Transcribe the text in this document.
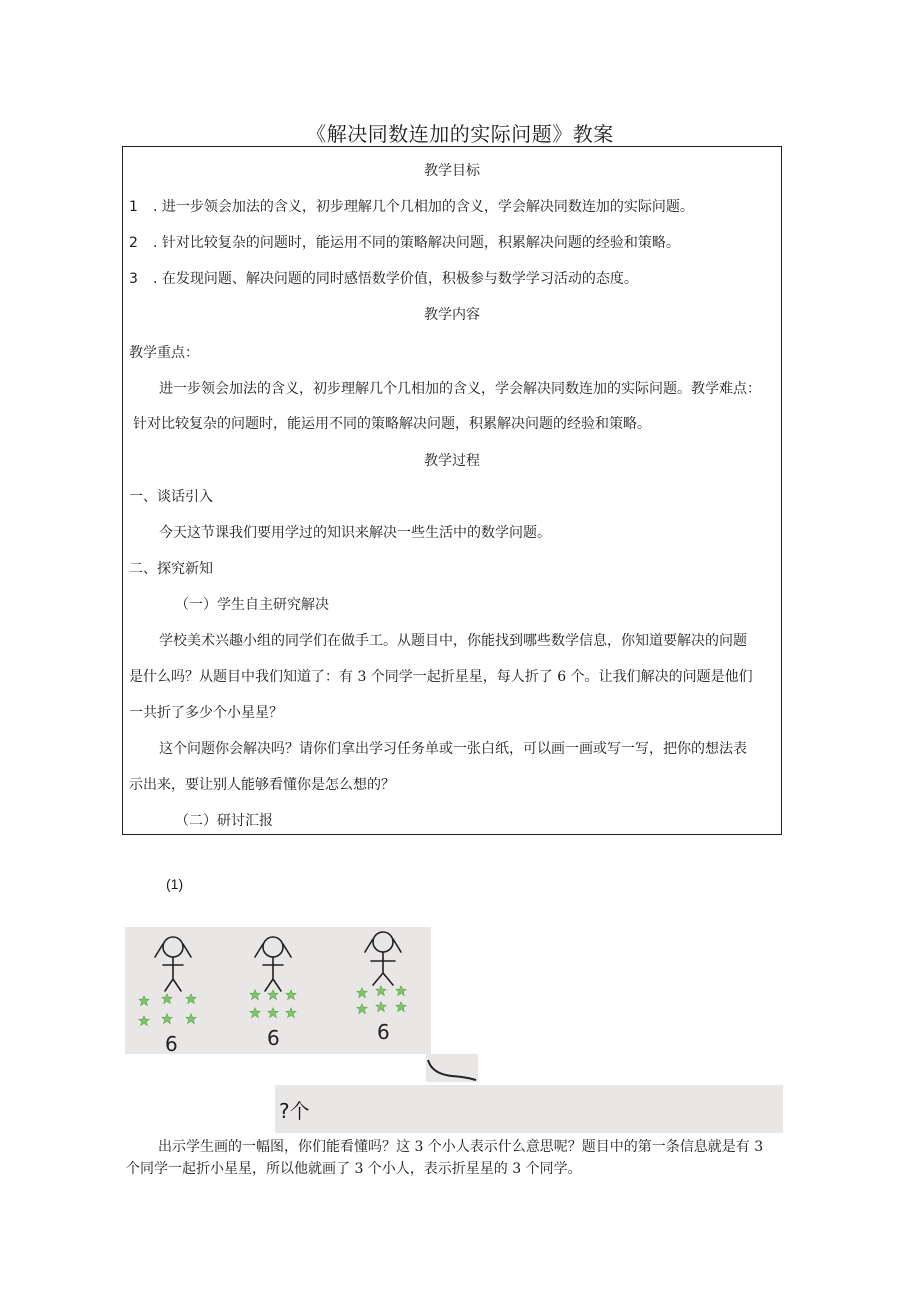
《解决同数连加的实际问题》教案
教学目标
1 . 进一步领会加法的含义，初步理解几个几相加的含义，学会解决同数连加的实际问题。
2 . 针对比较复杂的问题时，能运用不同的策略解决问题，积累解决问题的经验和策略。
3 . 在发现问题、解决问题的同时感悟数学价值，积极参与数学学习活动的态度。
教学内容
教学重点：
进一步领会加法的含义，初步理解几个几相加的含义，学会解决同数连加的实际问题。教学难点：
针对比较复杂的问题时，能运用不同的策略解决问题，积累解决问题的经验和策略。
教学过程
一、谈话引入
今天这节课我们要用学过的知识来解决一些生活中的数学问题。
二、探究新知
（一）学生自主研究解决
学校美术兴趣小组的同学们在做手工。从题目中，你能找到哪些数学信息，你知道要解决的问题
是什么吗？从题目中我们知道了：有 3 个同学一起折星星，每人折了 6 个。让我们解决的问题是他们
一共折了多少个小星星？
这个问题你会解决吗？请你们拿出学习任务单或一张白纸，可以画一画或写一写，把你的想法表
示出来，要让别人能够看懂你是怎么想的？
（二）研讨汇报
(1)
6	6	6
?个

出示学生画的一幅图，你们能看懂吗？这 3 个小人表示什么意思呢？题目中的第一条信息就是有 3

个同学一起折小星星，所以他就画了 3 个小人，表示折星星的 3 个同学。
